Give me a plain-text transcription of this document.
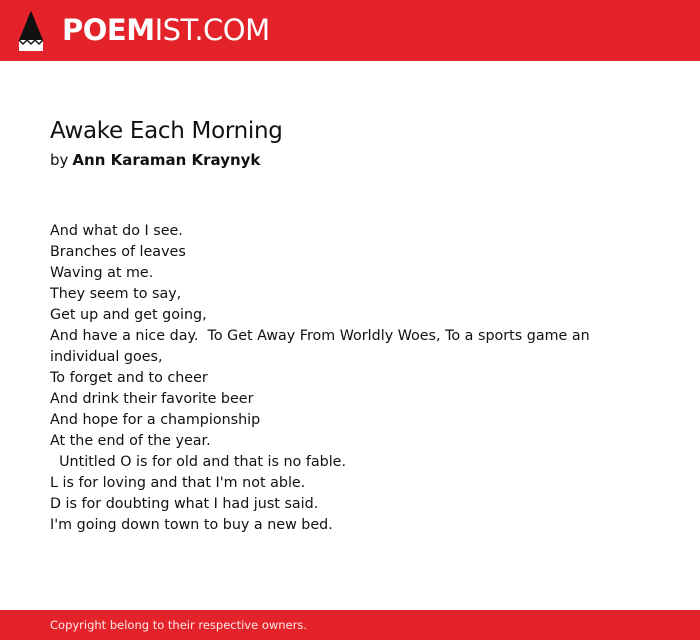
POEMIST.COM
Awake Each Morning
by Ann Karaman Kraynyk
And what do I see.
Branches of leaves
Waving at me.
They seem to say,
Get up and get going,
And have a nice day.  To Get Away From Worldly Woes, To a sports game an individual goes,
To forget and to cheer
And drink their favorite beer
And hope for a championship
At the end of the year.
Untitled O is for old and that is no fable.
L is for loving and that I'm not able.
D is for doubting what I had just said.
I'm going down town to buy a new bed.
Copyright belong to their respective owners.
